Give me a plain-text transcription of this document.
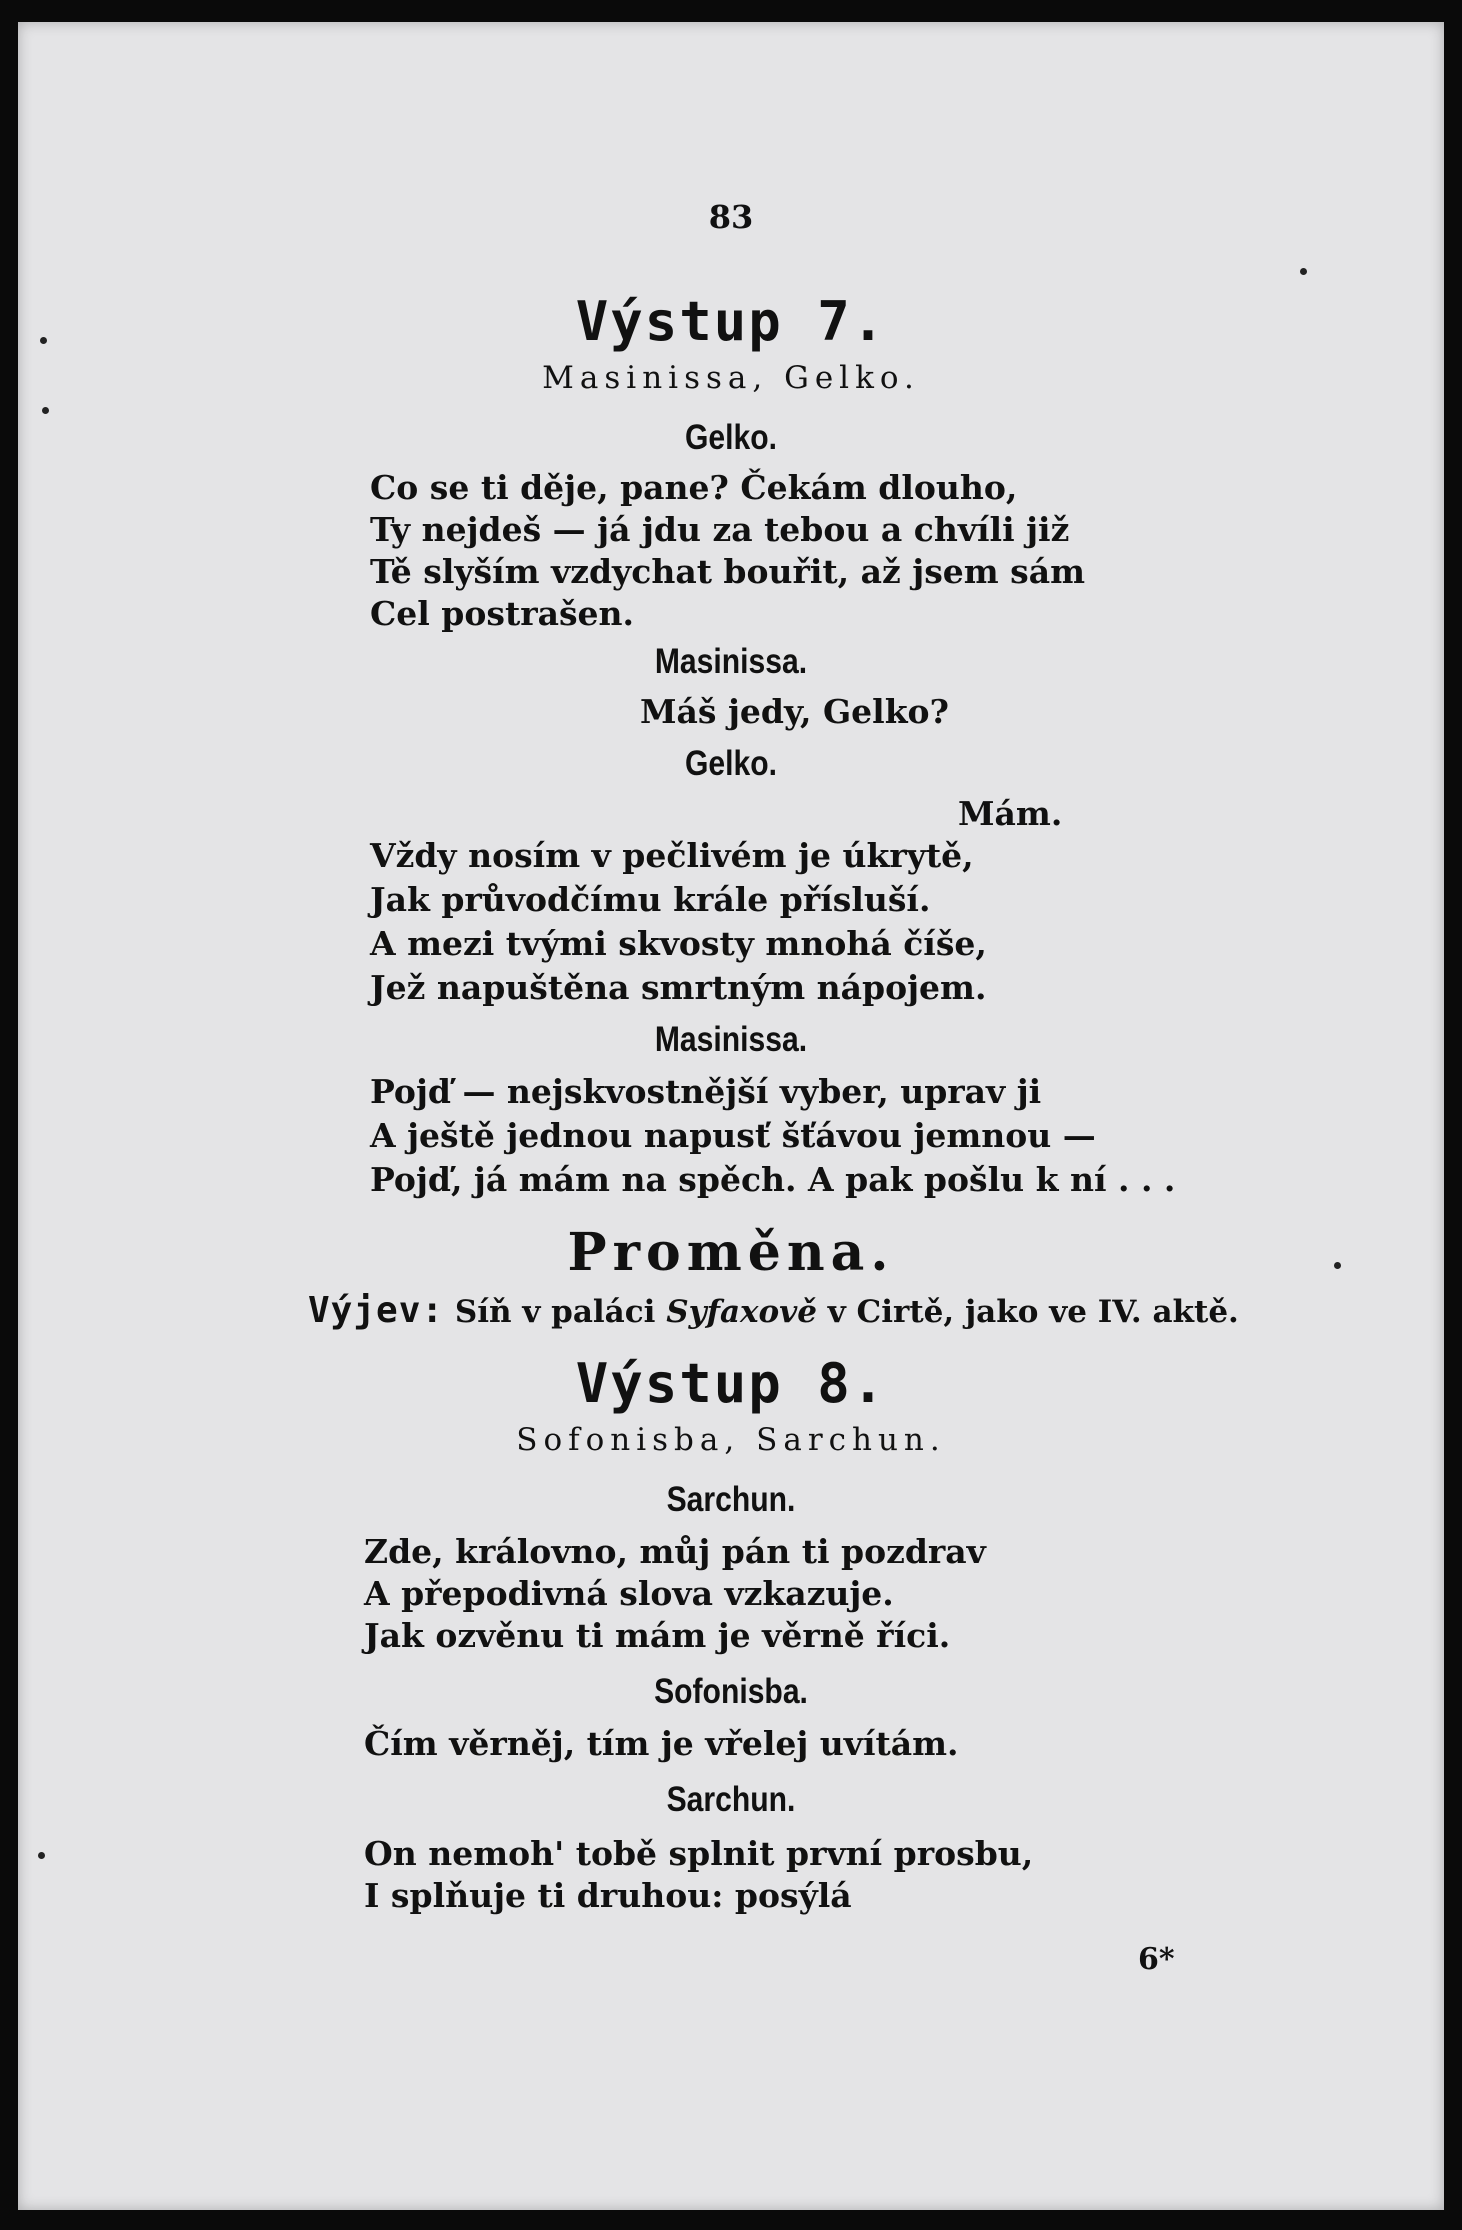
83
Výstup 7.
Masinissa, Gelko.
Gelko.
Co se ti děje, pane? Čekám dlouho,
Ty nejdeš — já jdu za tebou a chvíli již
Tě slyším vzdychat bouřit, až jsem sám
Cel postrašen.
Masinissa.
Máš jedy, Gelko?
Gelko.
Mám.
Vždy nosím v pečlivém je úkrytě,
Jak průvodčímu krále přísluší.
A mezi tvými skvosty mnohá číše,
Jež napuštěna smrtným nápojem.
Masinissa.
Pojď — nejskvostnější vyber, uprav ji
A ještě jednou napusť šťávou jemnou —
Pojď, já mám na spěch. A pak pošlu k ní . . .
Proměna.
Výjev: Síň v paláci Syfaxově v Cirtě, jako ve IV. aktě.
Výstup 8.
Sofonisba, Sarchun.
Sarchun.
Zde, královno, můj pán ti pozdrav
A přepodivná slova vzkazuje.
Jak ozvěnu ti mám je věrně říci.
Sofonisba.
Čím věrněj, tím je vřelej uvítám.
Sarchun.
On nemoh' tobě splnit první prosbu,
I splňuje ti druhou: posýlá
6*
